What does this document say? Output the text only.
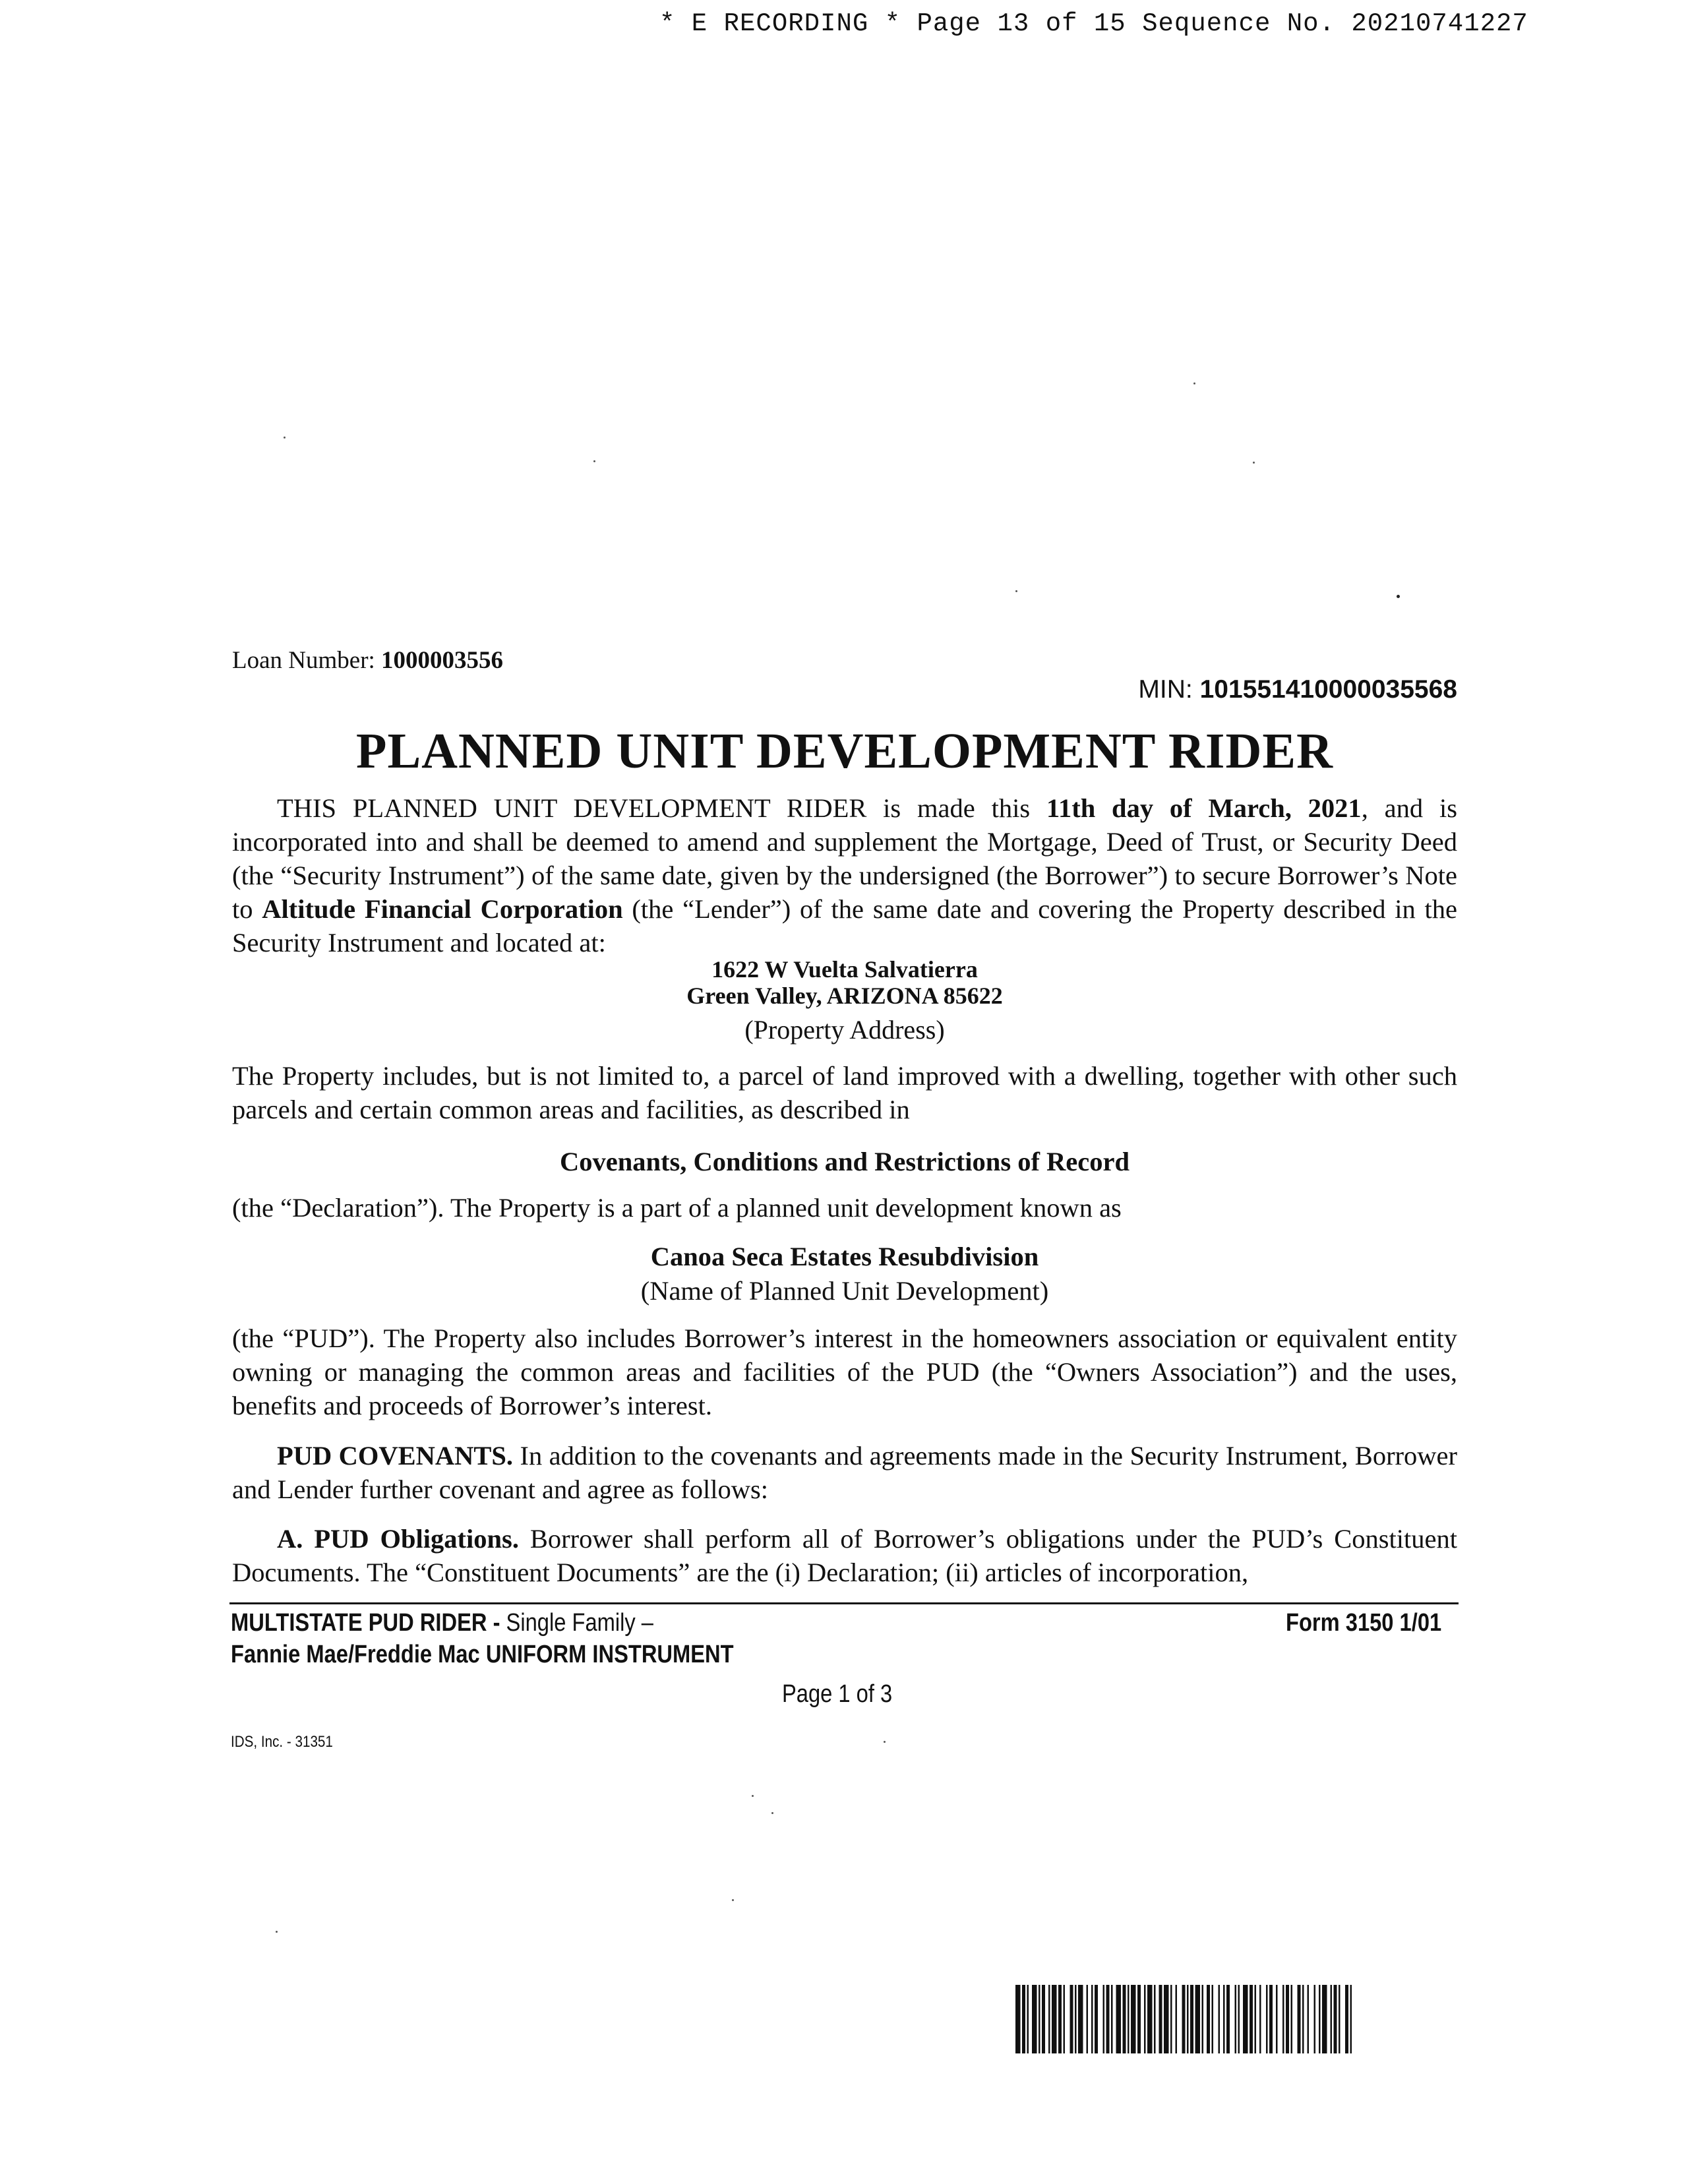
* E RECORDING * Page 13 of 15 Sequence No. 20210741227
Loan Number: 1000003556
MIN: 101551410000035568
PLANNED UNIT DEVELOPMENT RIDER
THIS PLANNED UNIT DEVELOPMENT RIDER is made this 11th day of March, 2021, and is incorporated into and shall be deemed to amend and supplement the Mortgage, Deed of Trust, or Security Deed (the “Security Instrument”) of the same date, given by the undersigned (the Borrower”) to secure Borrower’s Note to Altitude Financial Corporation (the “Lender”) of the same date and covering the Property described in the Security Instrument and located at:
1622 W Vuelta Salvatierra
Green Valley, ARIZONA 85622
(Property Address)
The Property includes, but is not limited to, a parcel of land improved with a dwelling, together with other such parcels and certain common areas and facilities, as described in
Covenants, Conditions and Restrictions of Record
(the “Declaration”). The Property is a part of a planned unit development known as
Canoa Seca Estates Resubdivision
(Name of Planned Unit Development)
(the “PUD”). The Property also includes Borrower’s interest in the homeowners association or equivalent entity owning or managing the common areas and facilities of the PUD (the “Owners Association”) and the uses, benefits and proceeds of Borrower’s interest.
PUD COVENANTS. In addition to the covenants and agreements made in the Security Instrument, Borrower and Lender further covenant and agree as follows:
A. PUD Obligations. Borrower shall perform all of Borrower’s obligations under the PUD’s Constituent Documents. The “Constituent Documents” are the (i) Declaration; (ii) articles of incorporation,
MULTISTATE PUD RIDER - Single Family –
Fannie Mae/Freddie Mac UNIFORM INSTRUMENT
Form 3150 1/01
Page 1 of 3
IDS, Inc. - 31351
